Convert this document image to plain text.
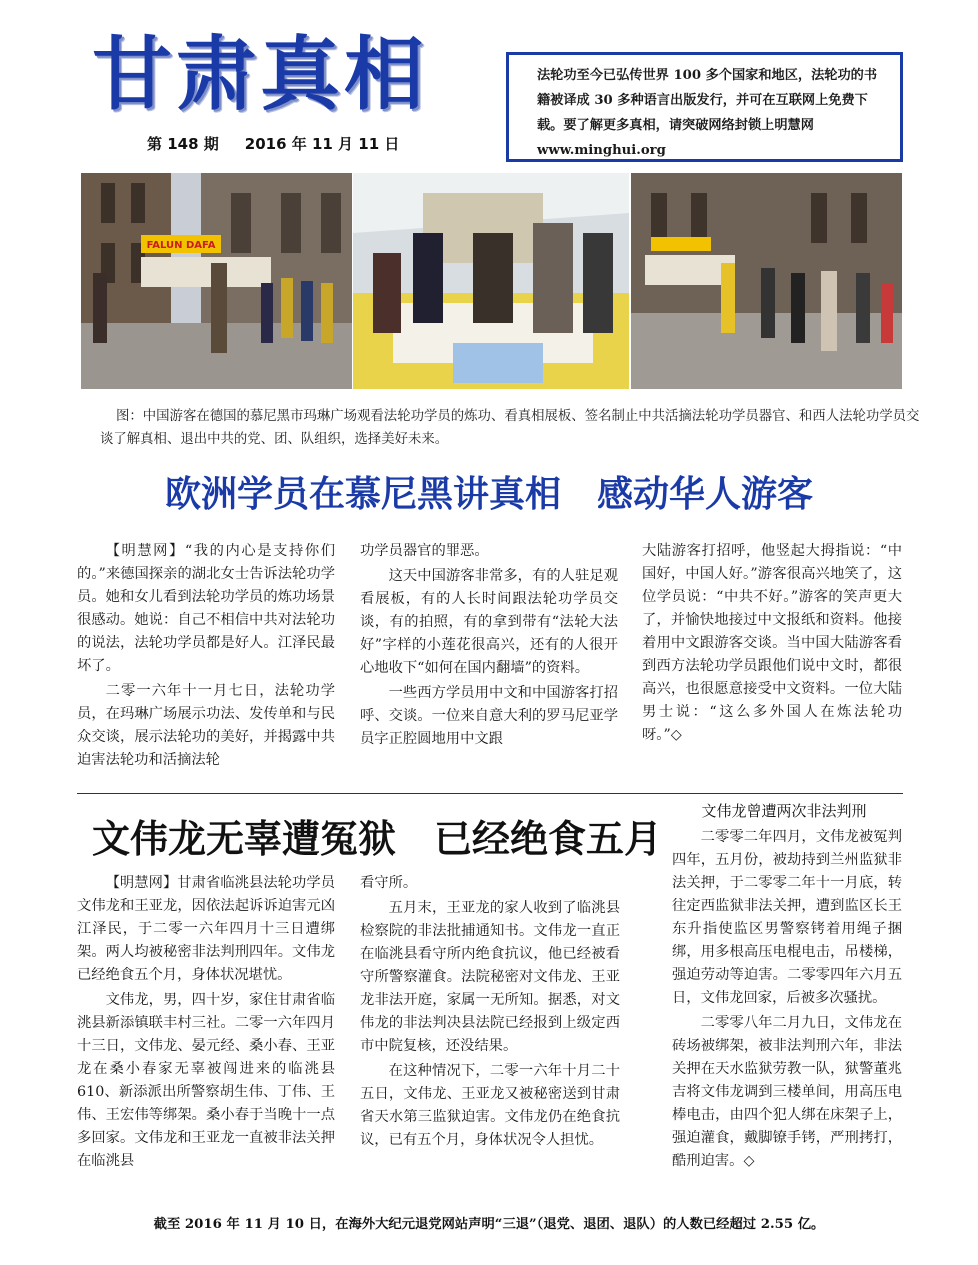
甘肃真相
第 148 期 2016 年 11 月 11 日
法轮功至今已弘传世界 100 多个国家和地区，法轮功的书籍被译成 30 多种语言出版发行，并可在互联网上免费下载。要了解更多真相，请突破网络封锁上明慧网 www.minghui.org
FALUN DAFA
图：中国游客在德国的慕尼黑市玛琳广场观看法轮功学员的炼功、看真相展板、签名制止中共活摘法轮功学员器官、和西人法轮功学员交谈了解真相、退出中共的党、团、队组织，选择美好未来。
欧洲学员在慕尼黑讲真相　感动华人游客

【明慧网】“我的内心是支持你们的。”来德国探亲的湖北女士告诉法轮功学员。她和女儿看到法轮功学员的炼功场景很感动。她说：自己不相信中共对法轮功的说法，法轮功学员都是好人。江泽民最坏了。

二零一六年十一月七日，法轮功学员，在玛琳广场展示功法、发传单和与民众交谈，展示法轮功的美好，并揭露中共迫害法轮功和活摘法轮

功学员器官的罪恶。

这天中国游客非常多，有的人驻足观看展板，有的人长时间跟法轮功学员交谈，有的拍照，有的拿到带有“法轮大法好”字样的小莲花很高兴，还有的人很开心地收下“如何在国内翻墙”的资料。

一些西方学员用中文和中国游客打招呼、交谈。一位来自意大利的罗马尼亚学员字正腔圆地用中文跟

大陆游客打招呼，他竖起大拇指说：“中国好，中国人好。”游客很高兴地笑了，这位学员说：“中共不好。”游客的笑声更大了，并愉快地接过中文报纸和资料。他接着用中文跟游客交谈。当中国大陆游客看到西方法轮功学员跟他们说中文时，都很高兴，也很愿意接受中文资料。一位大陆男士说：“这么多外国人在炼法轮功呀。”◇

文伟龙无辜遭冤狱　已经绝食五月

【明慧网】甘肃省临洮县法轮功学员文伟龙和王亚龙，因依法起诉诉迫害元凶江泽民，于二零一六年四月十三日遭绑架。两人均被秘密非法判刑四年。文伟龙已经绝食五个月，身体状况堪忧。

文伟龙，男，四十岁，家住甘肃省临洮县新添镇联丰村三社。二零一六年四月十三日，文伟龙、晏元经、桑小春、王亚龙在桑小春家无辜被闯进来的临洮县 610、新添派出所警察胡生伟、丁伟、王伟、王宏伟等绑架。桑小春于当晚十一点多回家。文伟龙和王亚龙一直被非法关押在临洮县

看守所。

五月末，王亚龙的家人收到了临洮县检察院的非法批捕通知书。文伟龙一直正在临洮县看守所内绝食抗议，他已经被看守所警察灌食。法院秘密对文伟龙、王亚龙非法开庭，家属一无所知。据悉，对文伟龙的非法判决县法院已经报到上级定西市中院复核，还没结果。

在这种情况下，二零一六年十月二十五日，文伟龙、王亚龙又被秘密送到甘肃省天水第三监狱迫害。文伟龙仍在绝食抗议，已有五个月，身体状况令人担忧。

文伟龙曾遭两次非法判刑

二零零二年四月，文伟龙被冤判四年，五月份，被劫持到兰州监狱非法关押，于二零零二年十一月底，转往定西监狱非法关押，遭到监区长王东升指使监区男警察铐着用绳子捆绑，用多根高压电棍电击，吊楼梯，强迫劳动等迫害。二零零四年六月五日，文伟龙回家，后被多次骚扰。

二零零八年二月九日，文伟龙在砖场被绑架，被非法判刑六年，非法关押在天水监狱劳教一队，狱警董兆吉将文伟龙调到三楼单间，用高压电棒电击，由四个犯人绑在床架子上，强迫灌食，戴脚镣手铐，严刑拷打，酷刑迫害。◇

截至 2016 年 11 月 10 日，在海外大纪元退党网站声明“三退”（退党、退团、退队）的人数已经超过 2.55 亿。
